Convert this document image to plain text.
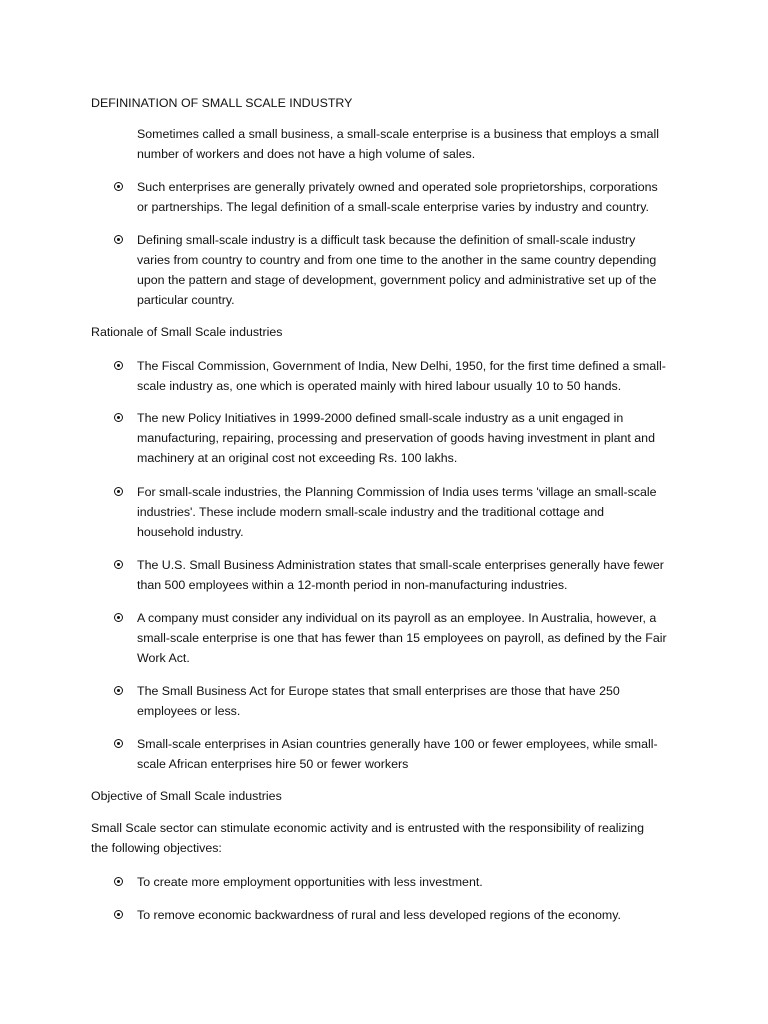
DEFININATION OF SMALL SCALE INDUSTRY
Sometimes called a small business, a small-scale enterprise is a business that employs a small
number of workers and does not have a high volume of sales.
Such enterprises are generally privately owned and operated sole proprietorships, corporations
or partnerships. The legal definition of a small-scale enterprise varies by industry and country.
Defining small-scale industry is a difficult task because the definition of small-scale industry
varies from country to country and from one time to the another in the same country depending
upon the pattern and stage of development, government policy and administrative set up of the
particular country.
Rationale of Small Scale industries
The Fiscal Commission, Government of India, New Delhi, 1950, for the first time defined a small-
scale industry as, one which is operated mainly with hired labour usually 10 to 50 hands.
The new Policy Initiatives in 1999-2000 defined small-scale industry as a unit engaged in
manufacturing, repairing, processing and preservation of goods having investment in plant and
machinery at an original cost not exceeding Rs. 100 lakhs.
For small-scale industries, the Planning Commission of India uses terms 'village an small-scale
industries'. These include modern small-scale industry and the traditional cottage and
household industry.
The U.S. Small Business Administration states that small-scale enterprises generally have fewer
than 500 employees within a 12-month period in non-manufacturing industries.
A company must consider any individual on its payroll as an employee. In Australia, however, a
small-scale enterprise is one that has fewer than 15 employees on payroll, as defined by the Fair
Work Act.
The Small Business Act for Europe states that small enterprises are those that have 250
employees or less.
Small-scale enterprises in Asian countries generally have 100 or fewer employees, while small-
scale African enterprises hire 50 or fewer workers
Objective of Small Scale industries
Small Scale sector can stimulate economic activity and is entrusted with the responsibility of realizing
the following objectives:
To create more employment opportunities with less investment.
To remove economic backwardness of rural and less developed regions of the economy.
